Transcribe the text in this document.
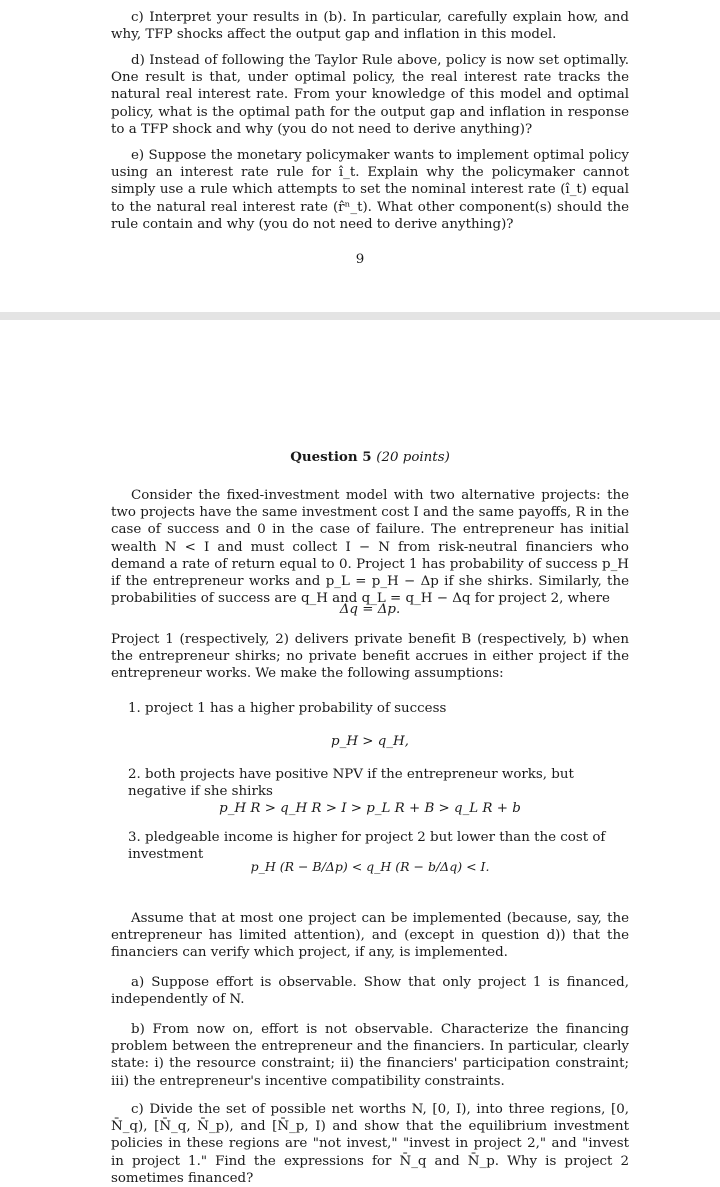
c) Interpret your results in (b). In particular, carefully explain how, and why, TFP shocks affect the output gap and inflation in this model.

d) Instead of following the Taylor Rule above, policy is now set optimally. One result is that, under optimal policy, the real interest rate tracks the natural real interest rate. From your knowledge of this model and optimal policy, what is the optimal path for the output gap and inflation in response to a TFP shock and why (you do not need to derive anything)?

e) Suppose the monetary policymaker wants to implement optimal policy using an interest rate rule for î_t. Explain why the policymaker cannot simply use a rule which attempts to set the nominal interest rate (î_t) equal to the natural real interest rate (r̂ⁿ_t). What other component(s) should the rule contain and why (you do not need to derive anything)?

9
Question 5 (20 points)

Consider the fixed-investment model with two alternative projects: the two projects have the same investment cost I and the same payoffs, R in the case of success and 0 in the case of failure. The entrepreneur has initial wealth N < I and must collect I − N from risk-neutral financiers who demand a rate of return equal to 0. Project 1 has probability of success p_H if the entrepreneur works and p_L = p_H − Δp if she shirks. Similarly, the probabilities of success are q_H and q_L = q_H − Δq for project 2, where

Δq = Δp.

Project 1 (respectively, 2) delivers private benefit B (respectively, b) when the entrepreneur shirks; no private benefit accrues in either project if the entrepreneur works. We make the following assumptions:

1. project 1 has a higher probability of success
p_H > q_H,
2. both projects have positive NPV if the entrepreneur works, but negative if she shirks
p_H R > q_H R > I > p_L R + B > q_L R + b
3. pledgeable income is higher for project 2 but lower than the cost of investment
p_H (R − B/Δp) < q_H (R − b/Δq) < I.

Assume that at most one project can be implemented (because, say, the entrepreneur has limited attention), and (except in question d)) that the financiers can verify which project, if any, is implemented.

a) Suppose effort is observable. Show that only project 1 is financed, independently of N.

b) From now on, effort is not observable. Characterize the financing problem between the entrepreneur and the financiers. In particular, clearly state: i) the resource constraint; ii) the financiers' participation constraint; iii) the entrepreneur's incentive compatibility constraints.

c) Divide the set of possible net worths N, [0, I), into three regions, [0, N̄_q), [N̄_q, N̄_p), and [N̄_p, I) and show that the equilibrium investment policies in these regions are "not invest," "invest in project 2," and "invest in project 1." Find the expressions for N̄_q and N̄_p. Why is project 2 sometimes financed?
